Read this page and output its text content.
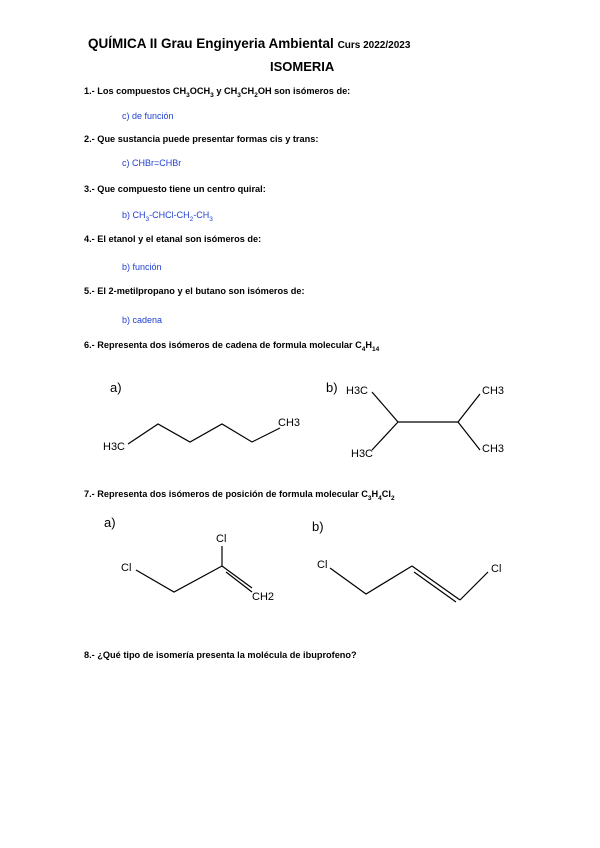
QUÍMICA II Grau Enginyeria Ambiental Curs 2022/2023
ISOMERIA
1.- Los compuestos $CH_3OCH_3$ y $CH_3CH_2OH$ son isómeros de:
c) de función
2.- Que sustancia puede presentar formas cis y trans:
c) CHBr=CHBr
3.- Que compuesto tiene un centro quiral:
b) $CH_3-CHCl-CH_2-CH_3$
4.- El etanol y el etanal son isómeros de:
b) función
5.- El 2-metilpropano y el butano son isómeros de:
b) cadena
6.- Representa dos isómeros de cadena de formula molecular $C_4H_{14}$
a)
H3C
CH3
b) H3C	CH3
H3C	CH3
7.- Representa dos isómeros de posición de formula molecular $C_3H_4Cl_2$
a)
Cl
Cl
CH2
b)
Cl	Cl
8.- ¿Qué tipo de isomería presenta la molécula de ibuprofeno?
